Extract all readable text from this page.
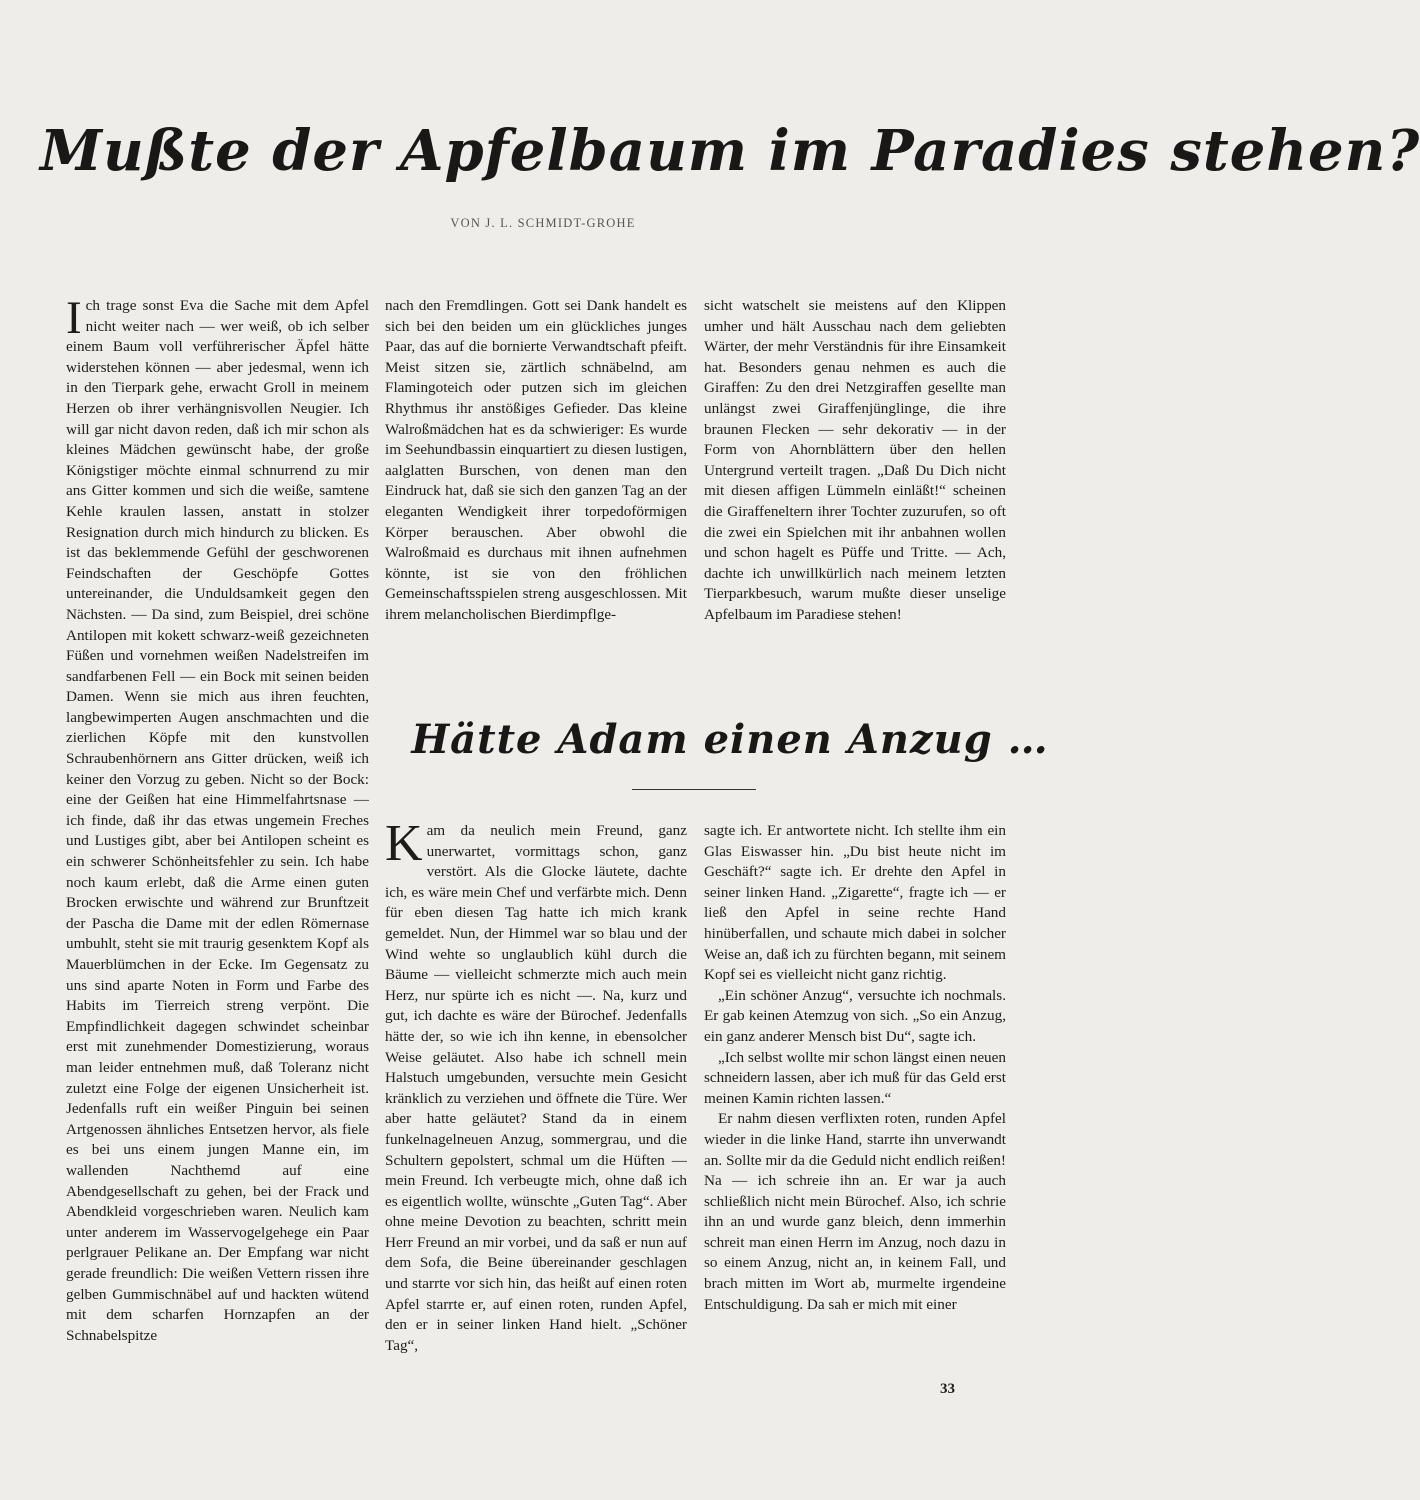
Mußte der Apfelbaum im Paradies stehen?
VON J. L. SCHMIDT-GROHE

Ich trage sonst Eva die Sache mit dem Apfel nicht weiter nach — wer weiß, ob ich selber einem Baum voll verführerischer Äpfel hätte widerstehen können — aber jedesmal, wenn ich in den Tierpark gehe, erwacht Groll in meinem Herzen ob ihrer verhängnisvollen Neugier. Ich will gar nicht davon reden, daß ich mir schon als kleines Mädchen gewünscht habe, der große Königstiger möchte einmal schnurrend zu mir ans Gitter kommen und sich die weiße, samtene Kehle kraulen lassen, anstatt in stolzer Resignation durch mich hindurch zu blicken. Es ist das beklemmende Gefühl der geschworenen Feindschaften der Geschöpfe Gottes untereinander, die Unduldsamkeit gegen den Nächsten. — Da sind, zum Beispiel, drei schöne Antilopen mit kokett schwarz-weiß gezeichneten Füßen und vornehmen weißen Nadelstreifen im sandfarbenen Fell — ein Bock mit seinen beiden Damen. Wenn sie mich aus ihren feuchten, langbewimperten Augen anschmachten und die zierlichen Köpfe mit den kunstvollen Schraubenhörnern ans Gitter drücken, weiß ich keiner den Vorzug zu geben. Nicht so der Bock: eine der Geißen hat eine Himmelfahrtsnase — ich finde, daß ihr das etwas ungemein Freches und Lustiges gibt, aber bei Antilopen scheint es ein schwerer Schönheitsfehler zu sein. Ich habe noch kaum erlebt, daß die Arme einen guten Brocken erwischte und während zur Brunftzeit der Pascha die Dame mit der edlen Römernase umbuhlt, steht sie mit traurig gesenktem Kopf als Mauerblümchen in der Ecke. Im Gegensatz zu uns sind aparte Noten in Form und Farbe des Habits im Tierreich streng verpönt. Die Empfindlichkeit dagegen schwindet scheinbar erst mit zunehmender Domestizierung, woraus man leider entnehmen muß, daß Toleranz nicht zuletzt eine Folge der eigenen Unsicherheit ist. Jedenfalls ruft ein weißer Pinguin bei seinen Artgenossen ähnliches Entsetzen hervor, als fiele es bei uns einem jungen Manne ein, im wallenden Nachthemd auf eine Abendgesellschaft zu gehen, bei der Frack und Abendkleid vorgeschrieben waren. Neulich kam unter anderem im Wasservogelgehege ein Paar perlgrauer Pelikane an. Der Empfang war nicht gerade freundlich: Die weißen Vettern rissen ihre gelben Gummischnäbel auf und hackten wütend mit dem scharfen Hornzapfen an der Schnabelspitze

nach den Fremdlingen. Gott sei Dank handelt es sich bei den beiden um ein glückliches junges Paar, das auf die bornierte Verwandtschaft pfeift. Meist sitzen sie, zärtlich schnäbelnd, am Flamingoteich oder putzen sich im gleichen Rhythmus ihr anstößiges Gefieder. Das kleine Walroßmädchen hat es da schwieriger: Es wurde im Seehundbassin einquartiert zu diesen lustigen, aalglatten Burschen, von denen man den Eindruck hat, daß sie sich den ganzen Tag an der eleganten Wendigkeit ihrer torpedoförmigen Körper berauschen. Aber obwohl die Walroßmaid es durchaus mit ihnen aufnehmen könnte, ist sie von den fröhlichen Gemeinschaftsspielen streng ausgeschlossen. Mit ihrem melancholischen Bierdimpflge-

sicht watschelt sie meistens auf den Klippen umher und hält Ausschau nach dem geliebten Wärter, der mehr Verständnis für ihre Einsamkeit hat. Besonders genau nehmen es auch die Giraffen: Zu den drei Netzgiraffen gesellte man unlängst zwei Giraffenjünglinge, die ihre braunen Flecken — sehr dekorativ — in der Form von Ahornblättern über den hellen Untergrund verteilt tragen. „Daß Du Dich nicht mit diesen affigen Lümmeln einläßt!“ scheinen die Giraffeneltern ihrer Tochter zuzurufen, so oft die zwei ein Spielchen mit ihr anbahnen wollen und schon hagelt es Püffe und Tritte. — Ach, dachte ich unwillkürlich nach meinem letzten Tierparkbesuch, warum mußte dieser unselige Apfelbaum im Paradiese stehen!

Hätte Adam einen Anzug …

Kam da neulich mein Freund, ganz unerwartet, vormittags schon, ganz verstört. Als die Glocke läutete, dachte ich, es wäre mein Chef und verfärbte mich. Denn für eben diesen Tag hatte ich mich krank gemeldet. Nun, der Himmel war so blau und der Wind wehte so unglaublich kühl durch die Bäume — vielleicht schmerzte mich auch mein Herz, nur spürte ich es nicht —. Na, kurz und gut, ich dachte es wäre der Bürochef. Jedenfalls hätte der, so wie ich ihn kenne, in ebensolcher Weise geläutet. Also habe ich schnell mein Halstuch umgebunden, versuchte mein Gesicht kränklich zu verziehen und öffnete die Türe. Wer aber hatte geläutet? Stand da in einem funkelnagelneuen Anzug, sommergrau, und die Schultern gepolstert, schmal um die Hüften — mein Freund. Ich verbeugte mich, ohne daß ich es eigentlich wollte, wünschte „Guten Tag“. Aber ohne meine Devotion zu beachten, schritt mein Herr Freund an mir vorbei, und da saß er nun auf dem Sofa, die Beine übereinander geschlagen und starrte vor sich hin, das heißt auf einen roten Apfel starrte er, auf einen roten, runden Apfel, den er in seiner linken Hand hielt. „Schöner Tag“,

sagte ich. Er antwortete nicht. Ich stellte ihm ein Glas Eiswasser hin. „Du bist heute nicht im Geschäft?“ sagte ich. Er drehte den Apfel in seiner linken Hand. „Zigarette“, fragte ich — er ließ den Apfel in seine rechte Hand hinüberfallen, und schaute mich dabei in solcher Weise an, daß ich zu fürchten begann, mit seinem Kopf sei es vielleicht nicht ganz richtig.

„Ein schöner Anzug“, versuchte ich nochmals. Er gab keinen Atemzug von sich. „So ein Anzug, ein ganz anderer Mensch bist Du“, sagte ich.

„Ich selbst wollte mir schon längst einen neuen schneidern lassen, aber ich muß für das Geld erst meinen Kamin richten lassen.“

Er nahm diesen verflixten roten, runden Apfel wieder in die linke Hand, starrte ihn unverwandt an. Sollte mir da die Geduld nicht endlich reißen! Na — ich schreie ihn an. Er war ja auch schließlich nicht mein Bürochef. Also, ich schrie ihn an und wurde ganz bleich, denn immerhin schreit man einen Herrn im Anzug, noch dazu in so einem Anzug, nicht an, in keinem Fall, und brach mitten im Wort ab, murmelte irgendeine Entschuldigung. Da sah er mich mit einer

33
